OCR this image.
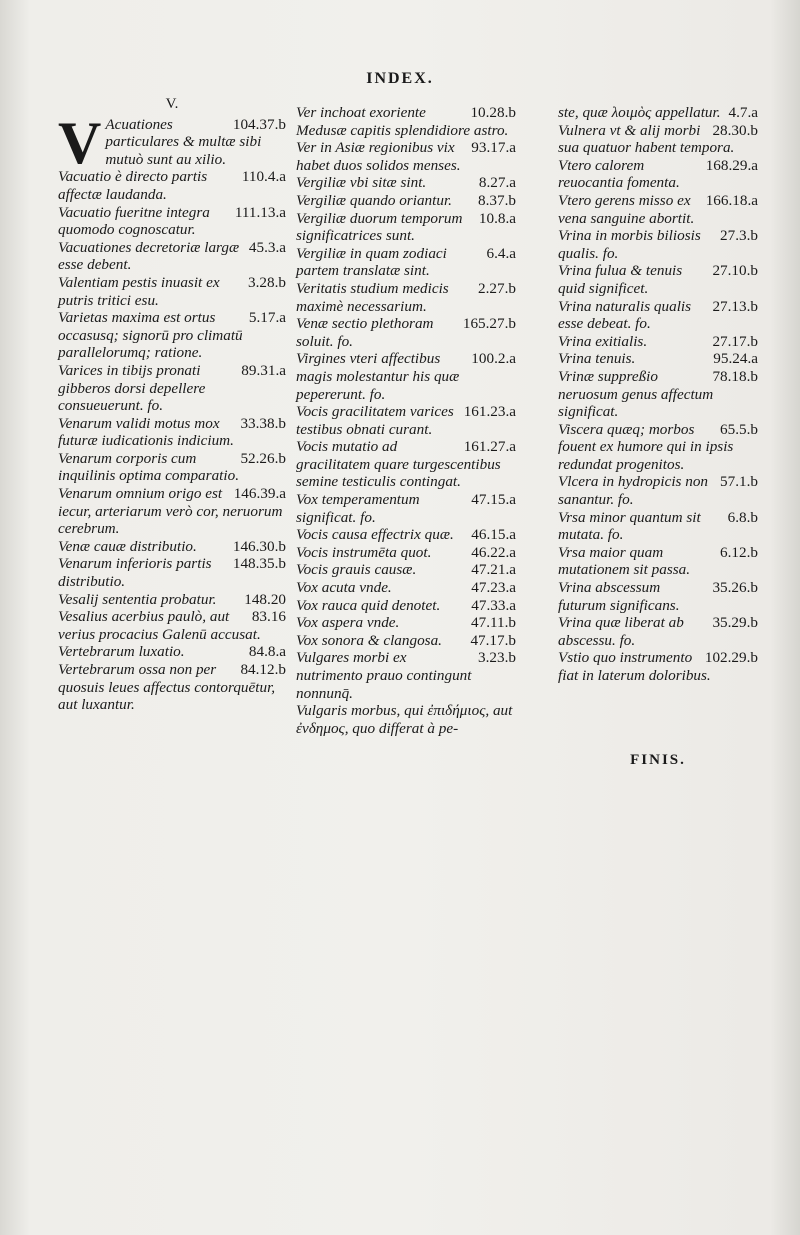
INDEX.
V.
V	104.37.b
Acuationes particulares & multæ sibi mutuò sunt au xilio.
110.4.a
Vacuatio è directo partis affectæ laudanda.
111.13.a
Vacuatio fueritne integra quomodo cognoscatur.
45.3.a
Vacuationes decretoriæ largæ esse debent.
3.28.b
Valentiam pestis inuasit ex putris tritici esu.
5.17.a
Varietas maxima est ortus occasusq; signorū pro climatū parallelorumq; ratione.
89.31.a
Varices in tibijs pronati gibberos dorsi depellere consueuerunt. fo.
33.38.b
Venarum validi motus mox futuræ iudicationis indicium.
52.26.b
Venarum corporis cum inquilinis optima comparatio.
146.39.a
Venarum omnium origo est iecur, arteriarum verò cor, neruorum cerebrum.
146.30.b
Venæ cauæ distributio.
148.35.b
Venarum inferioris partis distributio.
148.20
Vesalij sententia probatur.
83.16
Vesalius acerbius paulò, aut verius procacius Galenū accusat.
84.8.a
Vertebrarum luxatio.
84.12.b
Vertebrarum ossa non per quosuis leues affectus contorquētur, aut luxantur.
10.28.b
Ver inchoat exoriente Medusæ capitis splendidiore astro.
93.17.a
Ver in Asiæ regionibus vix habet duos solidos menses.
8.27.a
Vergiliæ vbi sitæ sint.
8.37.b
Vergiliæ quando oriantur.
10.8.a
Vergiliæ duorum temporum significatrices sunt.
6.4.a
Vergiliæ in quam zodiaci partem translatæ sint.
2.27.b
Veritatis studium medicis maximè necessarium.
165.27.b
Venæ sectio plethoram soluit. fo.
100.2.a
Virgines vteri affectibus magis molestantur his quæ pepererunt. fo.
161.23.a
Vocis gracilitatem varices testibus obnati curant.
161.27.a
Vocis mutatio ad gracilitatem quare turgescentibus semine testiculis contingat.
47.15.a
Vox temperamentum significat. fo.
46.15.a
Vocis causa effectrix quæ.
46.22.a
Vocis instrumēta quot.
47.21.a
Vocis grauis causæ.
47.23.a
Vox acuta vnde.
47.33.a
Vox rauca quid denotet.
47.11.b
Vox aspera vnde.
47.17.b
Vox sonora & clangosa.
3.23.b
Vulgares morbi ex nutrimento prauo contingunt nonnunq̄.
Vulgaris morbus, qui ἐπιδήμιος, aut ἐνδημος, quo differat à pe-
4.7.a
ste, quæ λοιμὸς appellatur.
28.30.b
Vulnera vt & alij morbi sua quatuor habent tempora.
168.29.a
Vtero calorem reuocantia fomenta.
166.18.a
Vtero gerens misso ex vena sanguine abortit.
27.3.b
Vrina in morbis biliosis qualis. fo.
27.10.b
Vrina fulua & tenuis quid significet.
27.13.b
Vrina naturalis qualis esse debeat. fo.
27.17.b
Vrina exitialis.
95.24.a
Vrina tenuis.
78.18.b
Vrinæ suppreßio neruosum genus affectum significat.
65.5.b
Viscera quæq; morbos fouent ex humore qui in ipsis redundat progenitos.
57.1.b
Vlcera in hydropicis non sanantur. fo.
6.8.b
Vrsa minor quantum sit mutata. fo.
6.12.b
Vrsa maior quam mutationem sit passa.
35.26.b
Vrina abscessum futurum significans.
35.29.b
Vrina quæ liberat ab abscessu. fo.
102.29.b
Vstio quo instrumento fiat in laterum doloribus.
FINIS.
